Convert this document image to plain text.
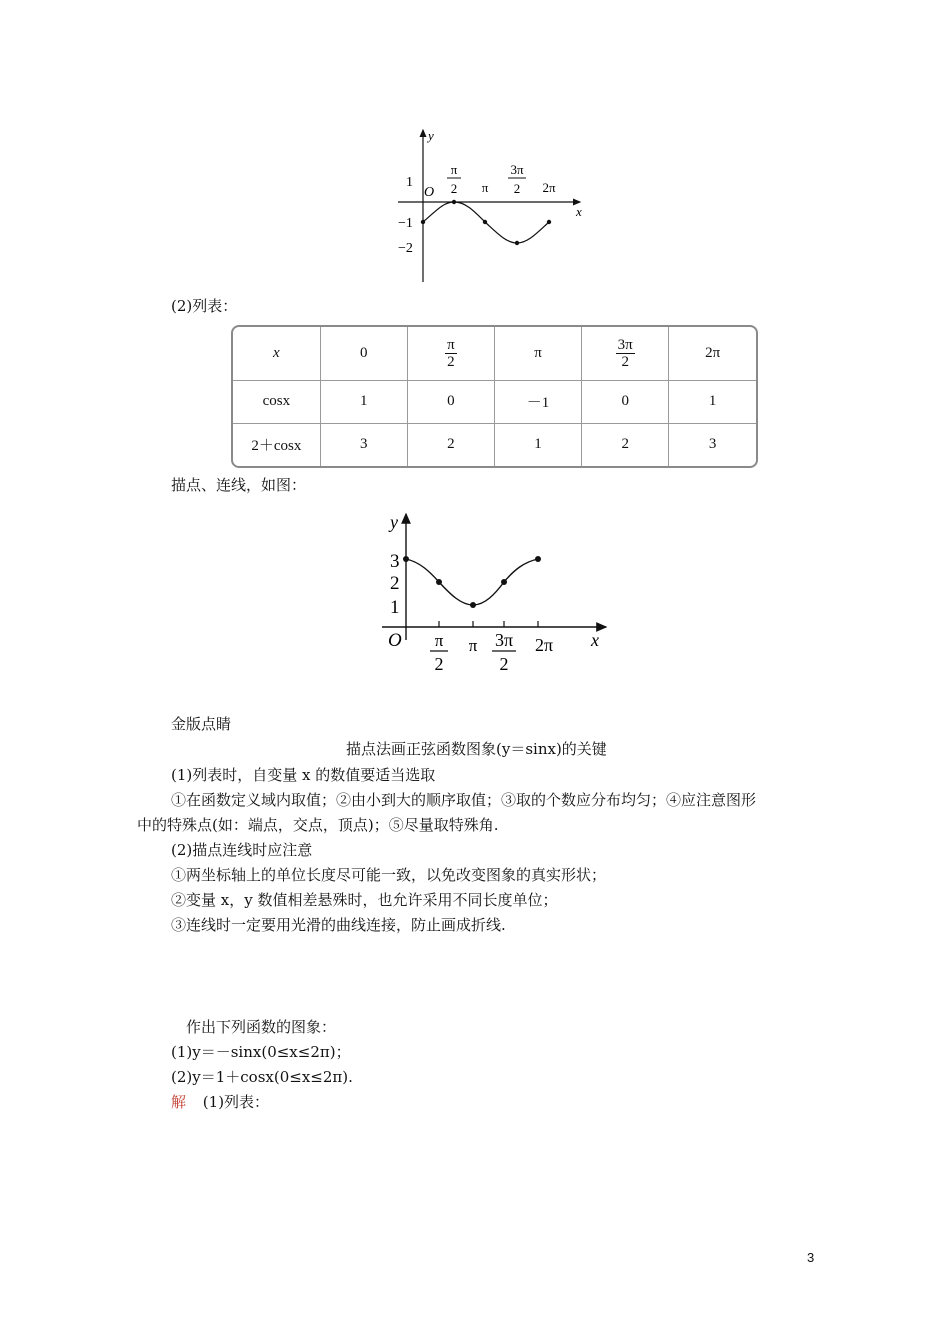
y
x
O
1
−1
−2
π
2 π
3π
2 2π
(2)列表：
x	0	$\frac{\pi}{2}$	π	$\frac{3\pi}{2}$	2π
cosx	1	0	－1	0	1
2＋cosx	3	2	1	2	3
描点、连线，如图：
y
x
O
3
2
1
π
2
π 3π
2
2π
金版点睛
描点法画正弦函数图象(y＝sinx)的关键
(1)列表时，自变量 x 的数值要适当选取
①在函数定义域内取值；②由小到大的顺序取值；③取的个数应分布均匀；④应注意图形
中的特殊点(如：端点，交点，顶点)；⑤尽量取特殊角.
(2)描点连线时应注意
①两坐标轴上的单位长度尽可能一致，以免改变图象的真实形状；
②变量 x，y 数值相差悬殊时，也允许采用不同长度单位；
③连线时一定要用光滑的曲线连接，防止画成折线.
作出下列函数的图象：
(1)y＝－sinx(0≤x≤2π)；
(2)y＝1＋cosx(0≤x≤2π).
解 (1)列表：
3
